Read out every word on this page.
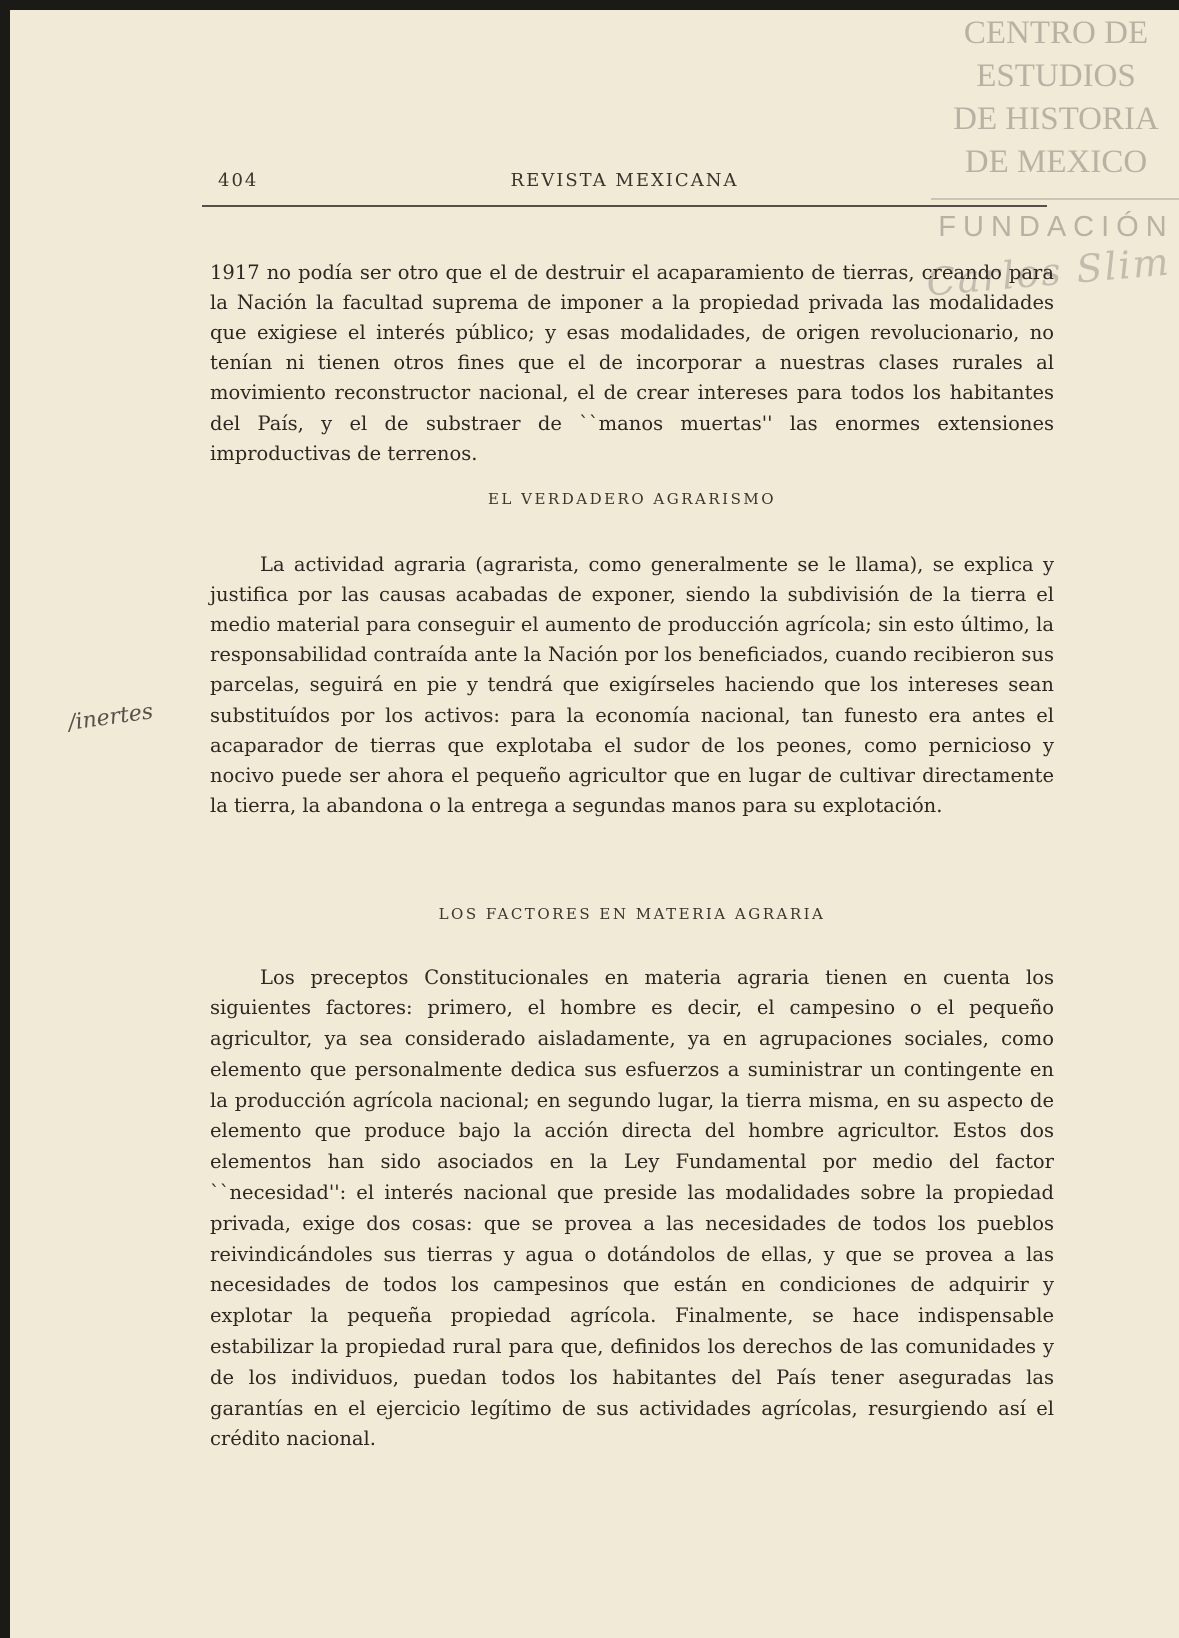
CENTRO DE
ESTUDIOS
DE HISTORIA
DE MEXICO
FUNDACIÓN
Carlos Slim
404	REVISTA MEXICANA
/inertes

1917 no podía ser otro que el de destruir el acaparamiento de tierras, creando para la Nación la facultad suprema de imponer a la propiedad privada las modalidades que exigiese el interés público; y esas modalidades, de origen revolucionario, no tenían ni tienen otros fines que el de incorporar a nuestras clases rurales al movimiento reconstructor nacional, el de crear intereses para todos los habitantes del País, y el de substraer de ``manos muertas'' las enormes extensiones improductivas de terrenos.

EL VERDADERO AGRARISMO

La actividad agraria (agrarista, como generalmente se le llama), se explica y justifica por las causas acabadas de exponer, siendo la subdivisión de la tierra el medio material para conseguir el aumento de producción agrícola; sin esto último, la responsabilidad contraída ante la Nación por los beneficiados, cuando recibieron sus parcelas, seguirá en pie y tendrá que exigírseles haciendo que los intereses sean substituídos por los activos: para la economía nacional, tan funesto era antes el acaparador de tierras que explotaba el sudor de los peones, como pernicioso y nocivo puede ser ahora el pequeño agricultor que en lugar de cultivar directamente la tierra, la abandona o la entrega a segundas manos para su explotación.

LOS FACTORES EN MATERIA AGRARIA

Los preceptos Constitucionales en materia agraria tienen en cuenta los siguientes factores: primero, el hombre es decir, el campesino o el pequeño agricultor, ya sea considerado aisladamente, ya en agrupaciones sociales, como elemento que personalmente dedica sus esfuerzos a suministrar un contingente en la producción agrícola nacional; en segundo lugar, la tierra misma, en su aspecto de elemento que produce bajo la acción directa del hombre agricultor. Estos dos elementos han sido asociados en la Ley Fundamental por medio del factor ``necesidad'': el interés nacional que preside las modalidades sobre la propiedad privada, exige dos cosas: que se provea a las necesidades de todos los pueblos reivindicándoles sus tierras y agua o dotándolos de ellas, y que se provea a las necesidades de todos los campesinos que están en condiciones de adquirir y explotar la pequeña propiedad agrícola. Finalmente, se hace indispensable estabilizar la propiedad rural para que, definidos los derechos de las comunidades y de los individuos, puedan todos los habitantes del País tener aseguradas las garantías en el ejercicio legítimo de sus actividades agrícolas, resurgiendo así el crédito nacional.
